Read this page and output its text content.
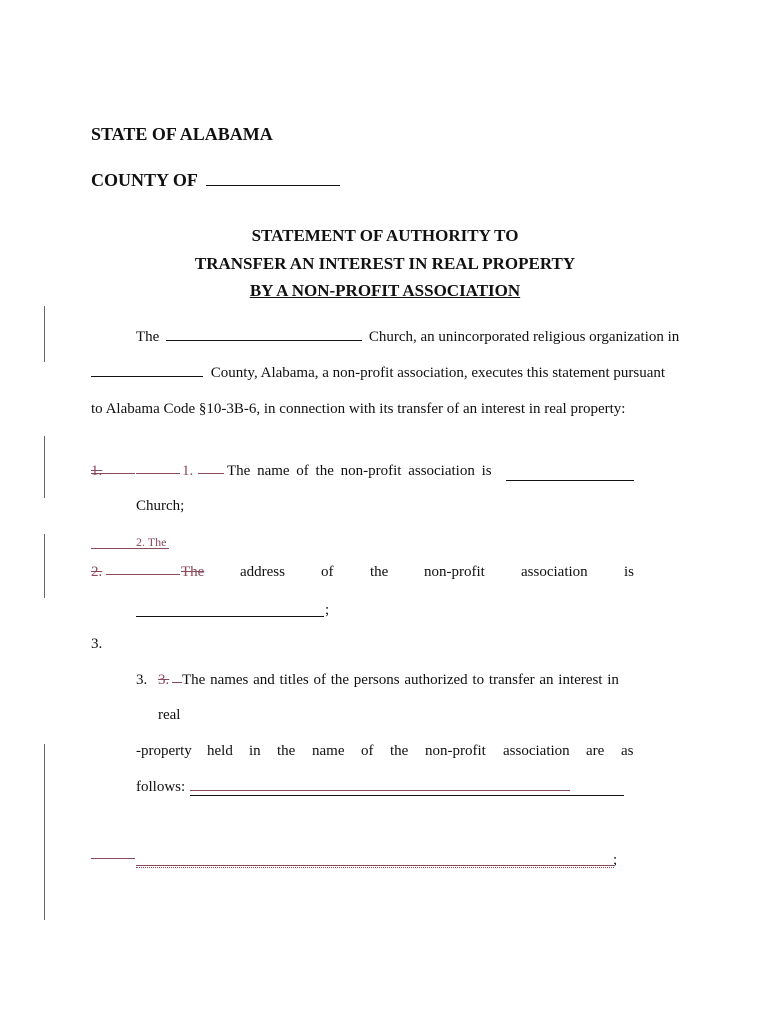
STATE OF ALABAMA
COUNTY OF
STATEMENT OF AUTHORITY TO
TRANSFER AN INTEREST IN REAL PROPERTY
BY A NON-PROFIT ASSOCIATION
The	Church, an unincorporated religious organization in
County, Alabama, a non-profit association, executes this statement pursuant
to Alabama Code §10-3B-6, in connection with its transfer of an interest in real property:
1.	1. The name of the non-profit association is
Church;
2. The
2.	The address of the non-profit association is
;
3.
3. 3. The names and titles of the persons authorized to transfer an interest in
real
-property held in the name of the non-profit association are as
follows:
;
